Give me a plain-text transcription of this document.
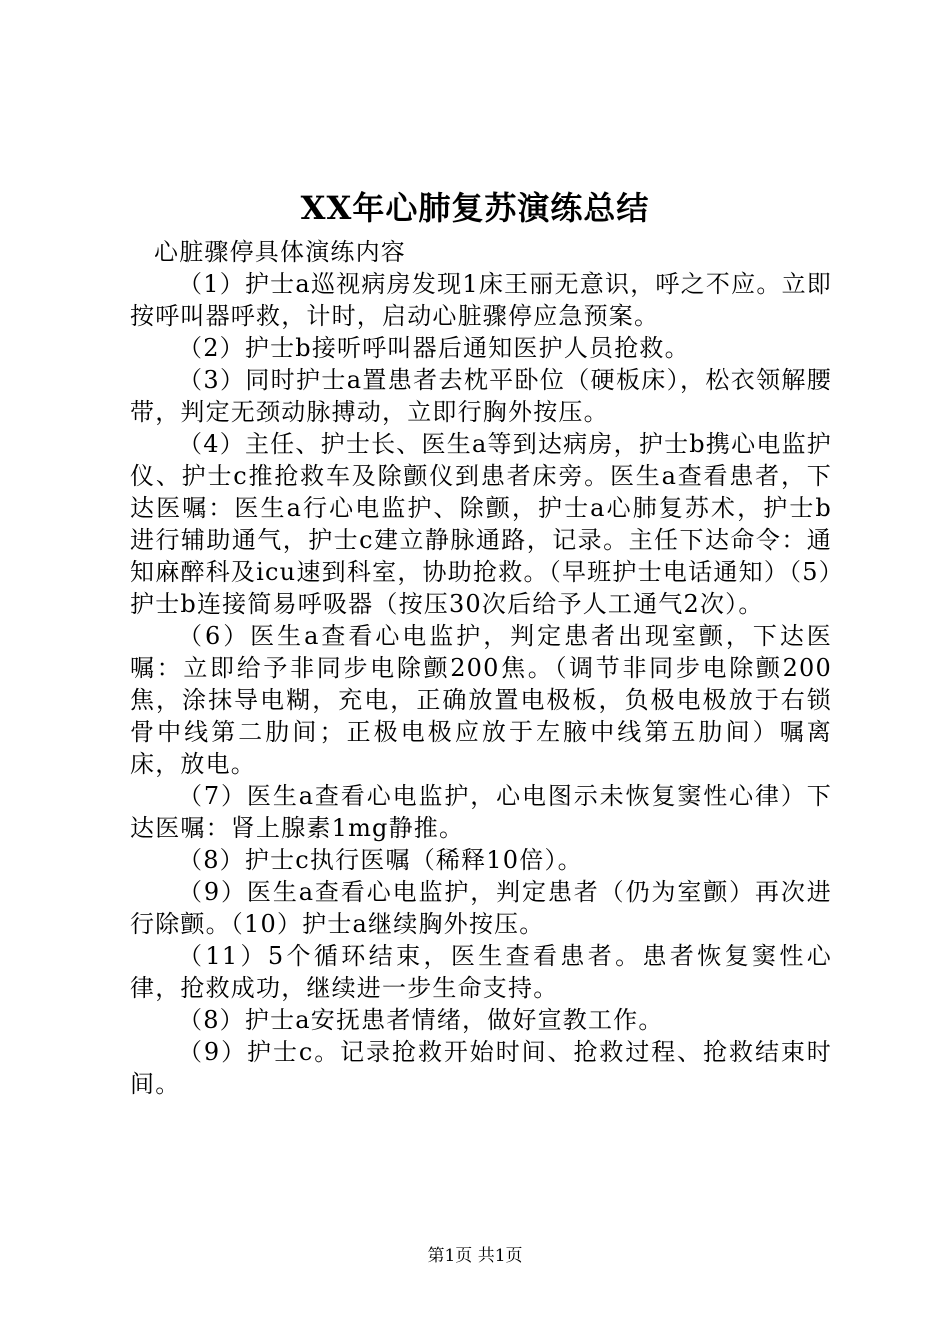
XX年心肺复苏演练总结

心脏骤停具体演练内容

（1）护士a巡视病房发现1床王丽无意识，呼之不应。立即按呼叫器呼救，计时，启动心脏骤停应急预案。

（2）护士b接听呼叫器后通知医护人员抢救。

（3）同时护士a置患者去枕平卧位（硬板床），松衣领解腰带，判定无颈动脉搏动，立即行胸外按压。

（4）主任、护士长、医生a等到达病房，护士b携心电监护仪、护士c推抢救车及除颤仪到患者床旁。医生a查看患者，下达医嘱：医生a行心电监护、除颤，护士a心肺复苏术，护士b进行辅助通气，护士c建立静脉通路，记录。主任下达命令：通知麻醉科及icu速到科室，协助抢救。（早班护士电话通知）（5）护士b连接简易呼吸器（按压30次后给予人工通气2次）。

（6）医生a查看心电监护，判定患者出现室颤，下达医嘱：立即给予非同步电除颤200焦。（调节非同步电除颤200焦，涂抹导电糊，充电，正确放置电极板，负极电极放于右锁骨中线第二肋间；正极电极应放于左腋中线第五肋间）嘱离床，放电。

（7）医生a查看心电监护，心电图示未恢复窦性心律）下达医嘱：肾上腺素1mg静推。

（8）护士c执行医嘱（稀释10倍）。

（9）医生a查看心电监护，判定患者（仍为室颤）再次进行除颤。（10）护士a继续胸外按压。

（11）5个循环结束，医生查看患者。患者恢复窦性心律，抢救成功，继续进一步生命支持。

（8）护士a安抚患者情绪，做好宣教工作。

（9）护士c。记录抢救开始时间、抢救过程、抢救结束时间。

第1页 共1页
